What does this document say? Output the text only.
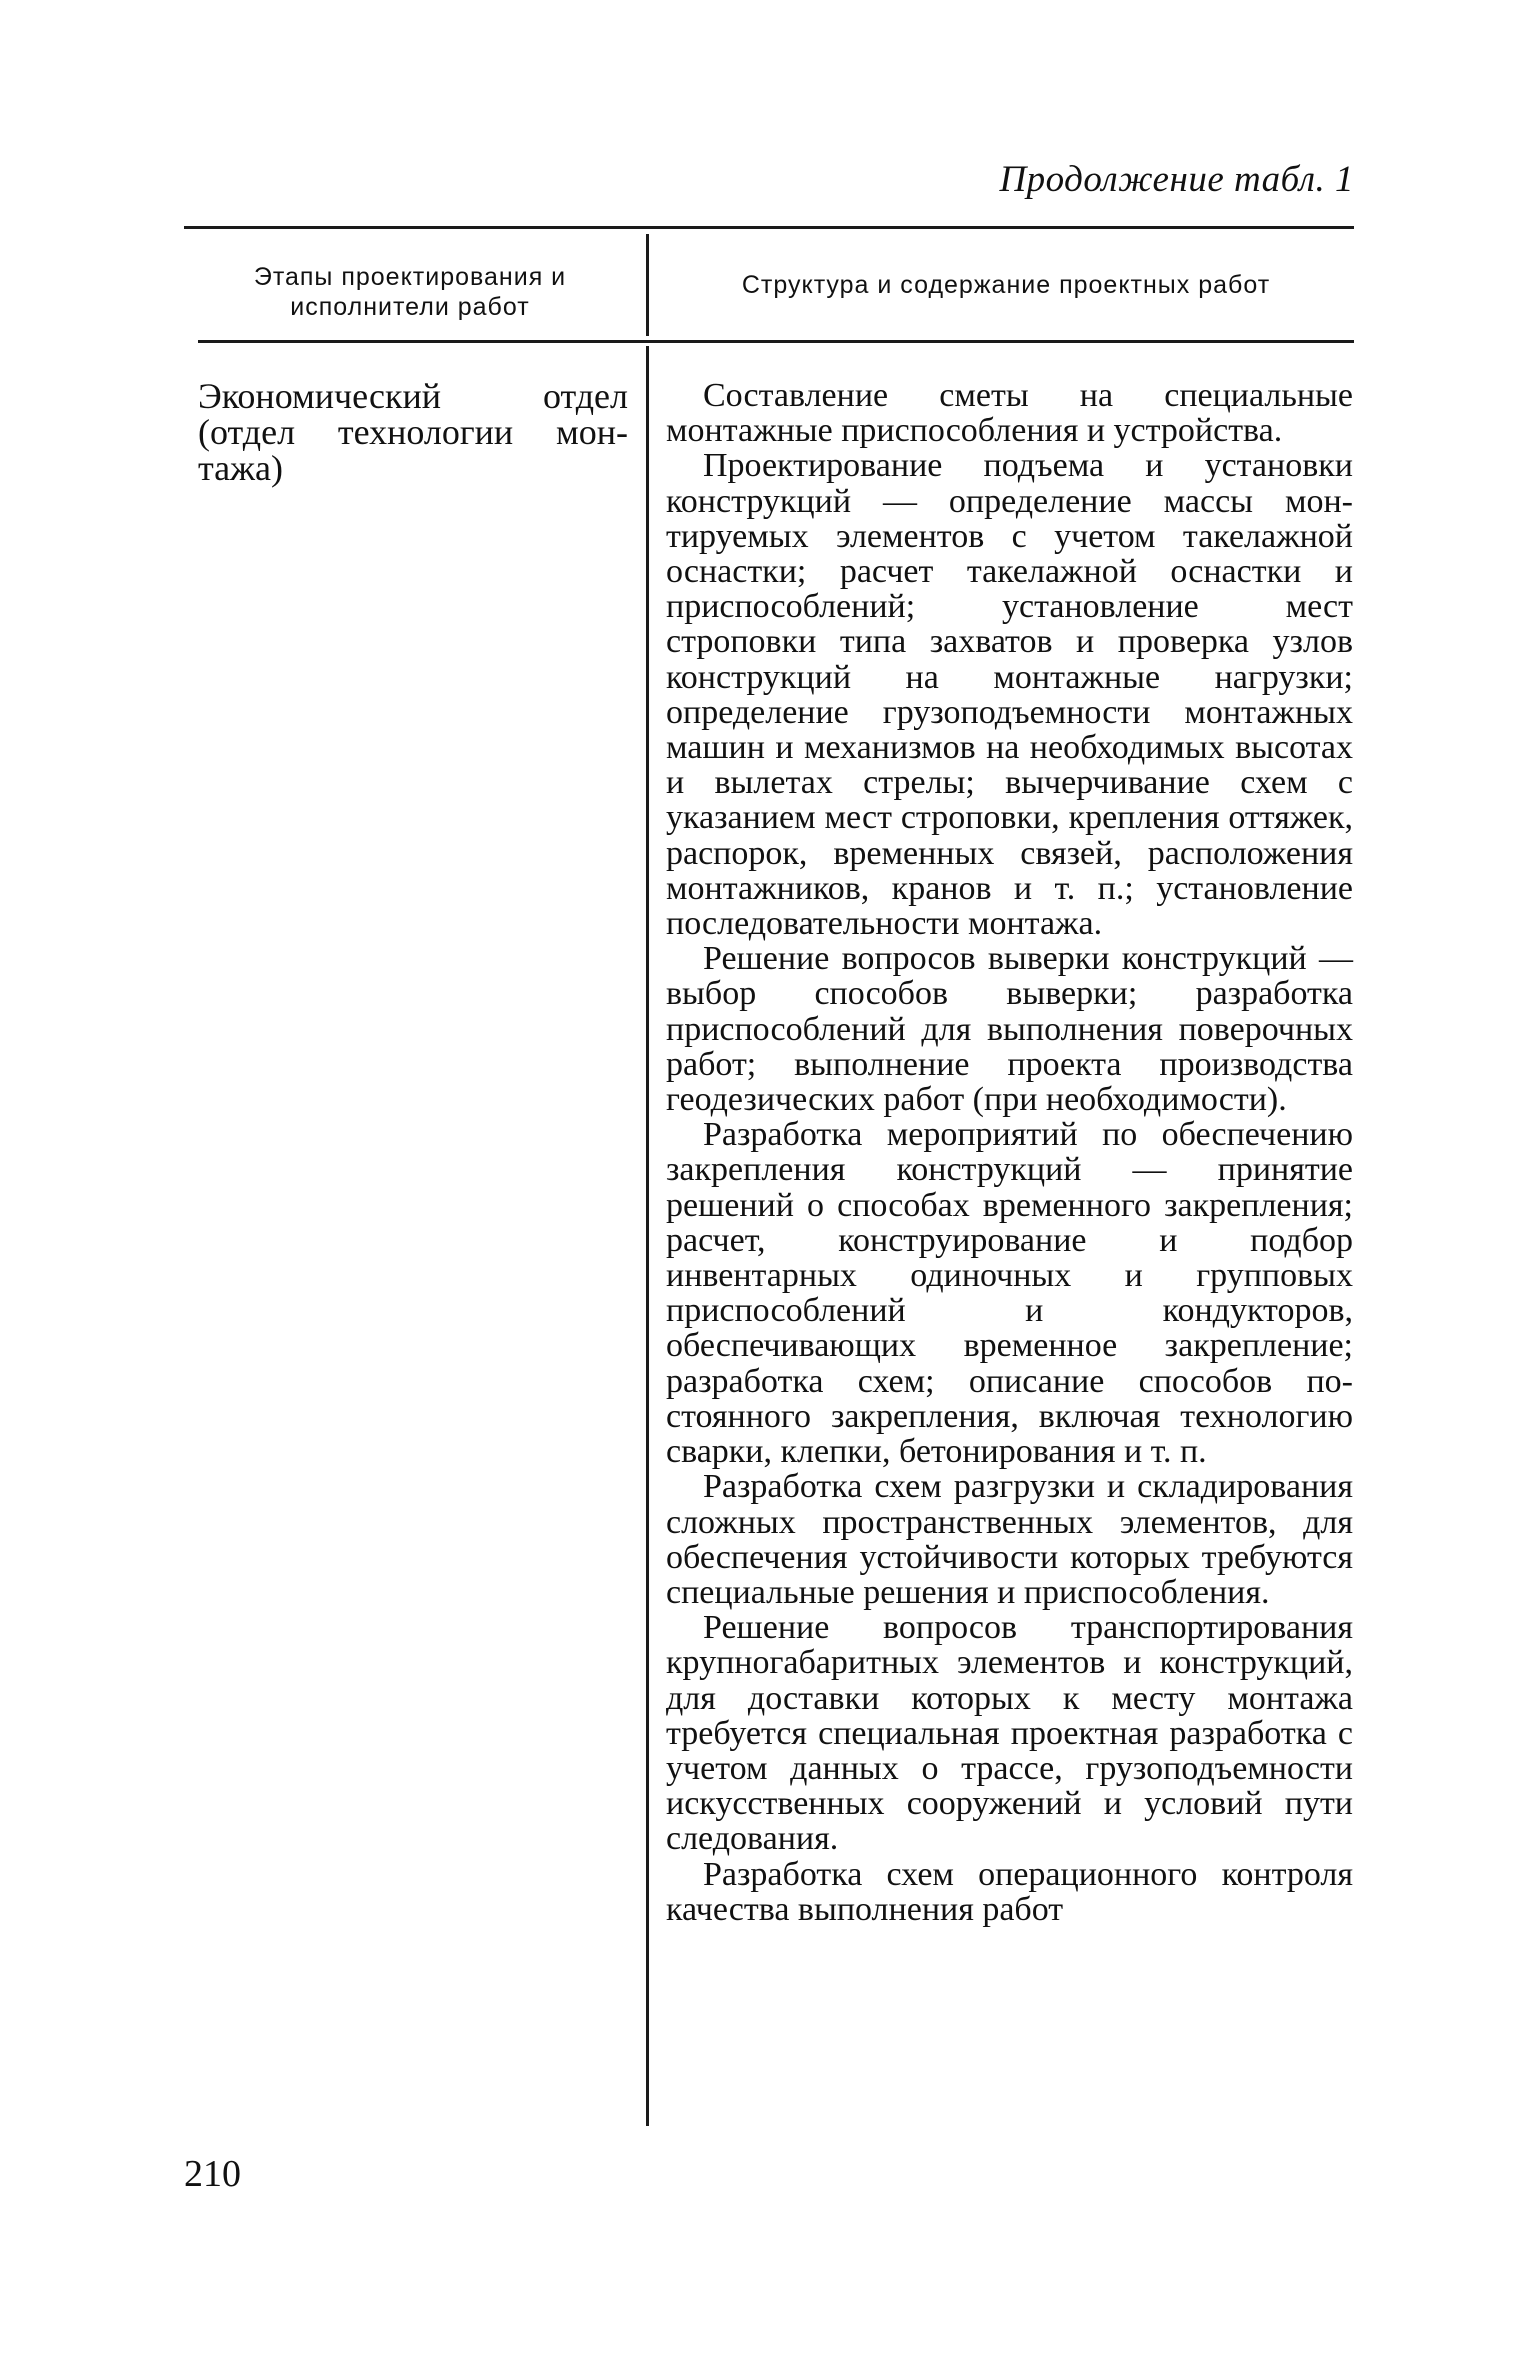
Продолжение табл. 1
Этапы проектирования и исполнители работ
Структура и содержание проектных работ
Экономический отдел (отдел технологии монтажа)

Составление сметы на специальные монтажные приспособления и устройства.

Проектирование подъема и установки конструкций — определение массы монтируемых элементов с учетом такелажной оснастки; расчет такелажной оснастки и приспособлений; установление мест строповки типа захватов и проверка узлов конструкций на монтажные нагрузки; определение грузоподъемности монтажных машин и механизмов на необходимых высотах и вылетах стрелы; вычерчивание схем с указанием мест строповки, крепления оттяжек, распорок, временных связей, расположения монтажников, кранов и т. п.; установление последовательности монтажа.

Решение вопросов выверки конструкций — выбор способов выверки; разработка приспособлений для выполнения поверочных работ; выполнение проекта производства геодезических работ (при необходимости).

Разработка мероприятий по обеспечению закрепления конструкций — принятие решений о способах временного закрепления; расчет, конструирование и подбор инвентарных одиночных и групповых приспособлений и кондукторов, обеспечивающих временное закрепление; разработка схем; описание способов постоянного закрепления, включая технологию сварки, клепки, бетонирования и т. п.

Разработка схем разгрузки и складирования сложных пространственных элементов, для обеспечения устойчивости которых требуются специальные решения и приспособления.

Решение вопросов транспортирования крупногабаритных элементов и конструкций, для доставки которых к месту монтажа требуется специальная проектная разработка с учетом данных о трассе, грузоподъемности искусственных сооружений и условий пути следования.

Разработка схем операционного контроля качества выполнения работ

210
